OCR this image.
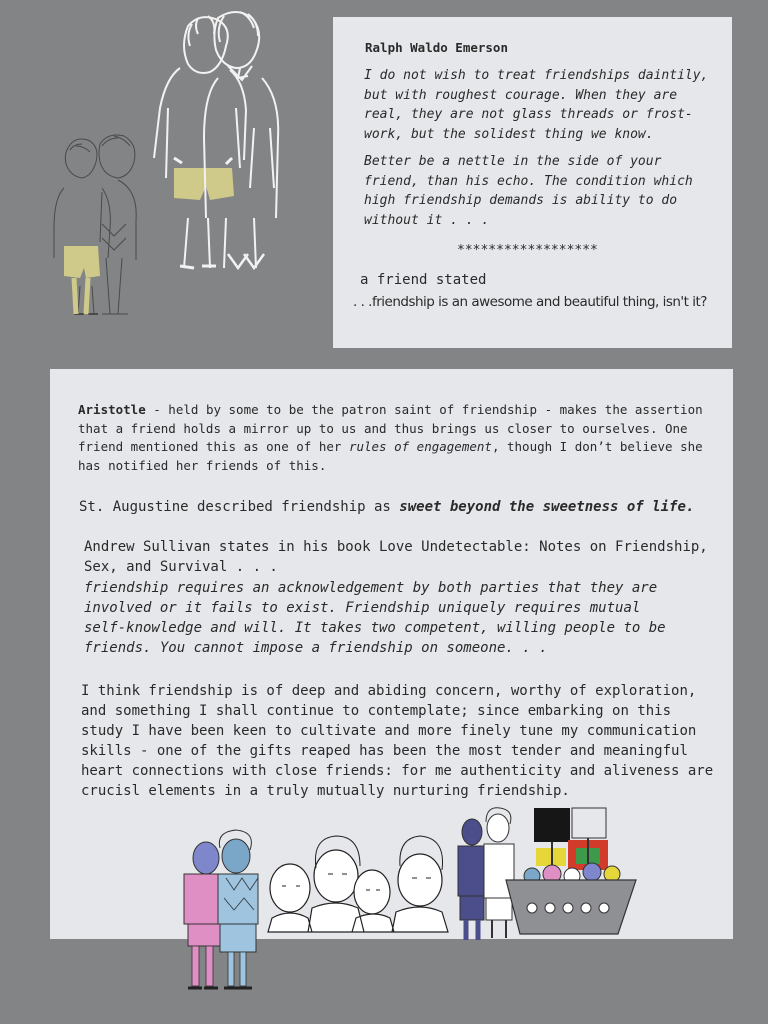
Ralph Waldo Emerson

I do not wish to treat friendships daintily, but with roughest courage. When they are real, they are not glass threads or frost-work, but the solidest thing we know.

Better be a nettle in the side of your friend, than his echo. The condition which high friendship demands is ability to do without it . . .

******************

a friend stated

. . .friendship is an awesome and beautiful thing, isn't it?

Aristotle - held by some to be the patron saint of friendship - makes the assertion that a friend holds a mirror up to us and thus brings us closer to ourselves. One friend mentioned this as one of her rules of engagement, though I don’t believe she has notified her friends of this.

St. Augustine described friendship as sweet beyond the sweetness of life.

Andrew Sullivan states in his book Love Undetectable: Notes on Friendship, Sex, and Survival . . .

friendship requires an acknowledgement by both parties that they are involved or it fails to exist. Friendship uniquely requires mutual self-knowledge and will. It takes two competent, willing people to be friends. You cannot impose a friendship on someone. . .

I think friendship is of deep and abiding concern, worthy of exploration, and something I shall continue to contemplate; since embarking on this study I have been keen to cultivate and more finely tune my communication skills - one of the gifts reaped has been the most tender and meaningful heart connections with close friends: for me authenticity and aliveness are crucisl elements in a truly mutually nurturing friendship.
